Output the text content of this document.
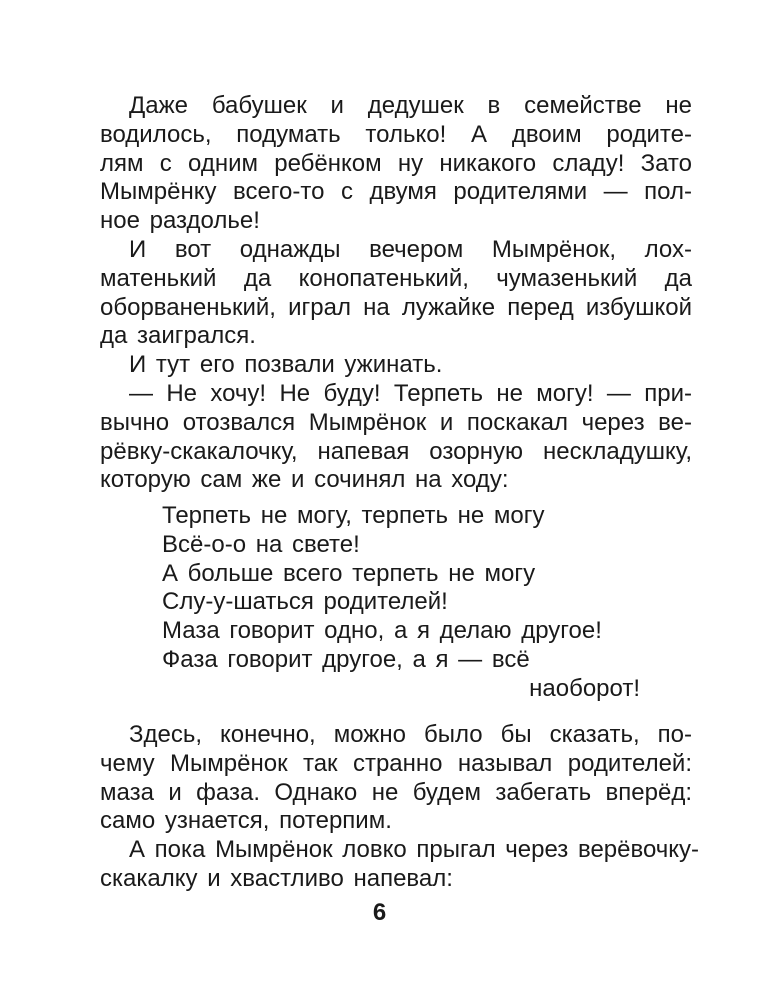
Даже бабушек и дедушек в семействе не
водилось, подумать только! А двоим родите-
лям с одним ребёнком ну никакого сладу! Зато
Мымрёнку всего-то с двумя родителями — пол-
ное раздолье!
И вот однажды вечером Мымрёнок, лох-
матенький да конопатенький, чумазенький да
оборваненький, играл на лужайке перед избушкой
да заигрался.
И тут его позвали ужинать.
— Не хочу! Не буду! Терпеть не могу! — при-
вычно отозвался Мымрёнок и поскакал через ве-
рёвку-скакалочку, напевая озорную нескладушку,
которую сам же и сочинял на ходу:
Терпеть не могу, терпеть не могу
Всё-о-о на свете!
А больше всего терпеть не могу
Слу-у-шаться родителей!
Маза говорит одно, а я делаю другое!
Фаза говорит другое, а я — всё
наоборот!
Здесь, конечно, можно было бы сказать, по-
чему Мымрёнок так странно называл родителей:
маза и фаза. Однако не будем забегать вперёд:
само узнается, потерпим.
А пока Мымрёнок ловко прыгал через верёвочку-
скакалку и хвастливо напевал:
6
